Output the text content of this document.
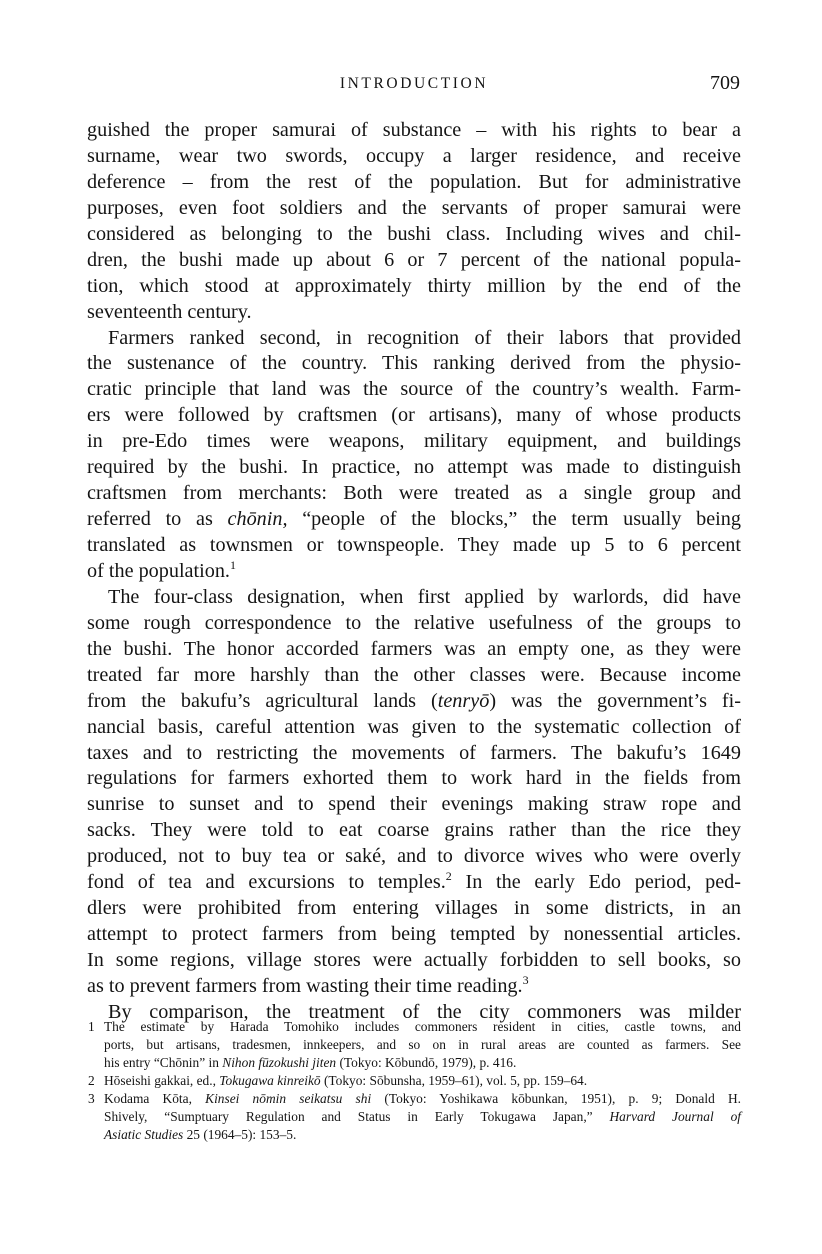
INTRODUCTION	709
guished the proper samurai of substance – with his rights to bear a
surname, wear two swords, occupy a larger residence, and receive
deference – from the rest of the population. But for administrative
purposes, even foot soldiers and the servants of proper samurai were
considered as belonging to the bushi class. Including wives and chil-
dren, the bushi made up about 6 or 7 percent of the national popula-
tion, which stood at approximately thirty million by the end of the
seventeenth century.
Farmers ranked second, in recognition of their labors that provided
the sustenance of the country. This ranking derived from the physio-
cratic principle that land was the source of the country’s wealth. Farm-
ers were followed by craftsmen (or artisans), many of whose products
in pre-Edo times were weapons, military equipment, and buildings
required by the bushi. In practice, no attempt was made to distinguish
craftsmen from merchants: Both were treated as a single group and
referred to as chōnin, “people of the blocks,” the term usually being
translated as townsmen or townspeople. They made up 5 to 6 percent
of the population.$^1$
The four-class designation, when first applied by warlords, did have
some rough correspondence to the relative usefulness of the groups to
the bushi. The honor accorded farmers was an empty one, as they were
treated far more harshly than the other classes were. Because income
from the bakufu’s agricultural lands (tenryō) was the government’s fi-
nancial basis, careful attention was given to the systematic collection of
taxes and to restricting the movements of farmers. The bakufu’s 1649
regulations for farmers exhorted them to work hard in the fields from
sunrise to sunset and to spend their evenings making straw rope and
sacks. They were told to eat coarse grains rather than the rice they
produced, not to buy tea or saké, and to divorce wives who were overly
fond of tea and excursions to temples.$^2$ In the early Edo period, ped-
dlers were prohibited from entering villages in some districts, in an
attempt to protect farmers from being tempted by nonessential articles.
In some regions, village stores were actually forbidden to sell books, so
as to prevent farmers from wasting their time reading.$^3$
By comparison, the treatment of the city commoners was milder
1 The estimate by Harada Tomohiko includes commoners resident in cities, castle towns, and
ports, but artisans, tradesmen, innkeepers, and so on in rural areas are counted as farmers. See
his entry “Chōnin” in Nihon fūzokushi jiten (Tokyo: Kōbundō, 1979), p. 416.
2 Hōseishi gakkai, ed., Tokugawa kinreikō (Tokyo: Sōbunsha, 1959–61), vol. 5, pp. 159–64.
3 Kodama Kōta, Kinsei nōmin seikatsu shi (Tokyo: Yoshikawa kōbunkan, 1951), p. 9; Donald H.
Shively, “Sumptuary Regulation and Status in Early Tokugawa Japan,” Harvard Journal of
Asiatic Studies 25 (1964–5): 153–5.
